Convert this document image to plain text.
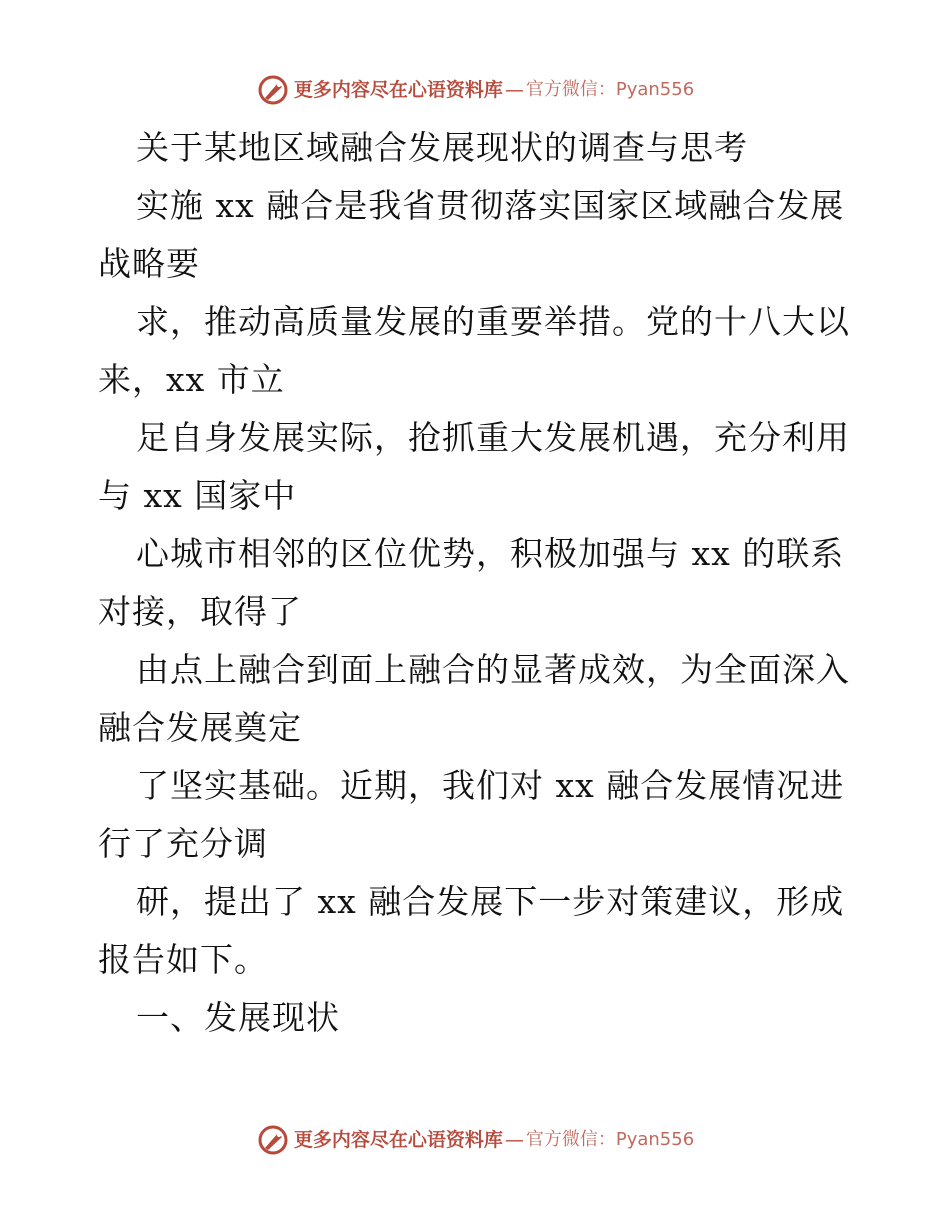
更多内容尽在心语资料库 — 官方微信：Pyan556
关于某地区域融合发展现状的调查与思考
实施 xx 融合是我省贯彻落实国家区域融合发展
战略要
求，推动高质量发展的重要举措。党的十八大以
来，xx 市立
足自身发展实际，抢抓重大发展机遇，充分利用
与 xx 国家中
心城市相邻的区位优势，积极加强与 xx 的联系
对接，取得了
由点上融合到面上融合的显著成效，为全面深入
融合发展奠定
了坚实基础。近期，我们对 xx 融合发展情况进
行了充分调
研，提出了 xx 融合发展下一步对策建议，形成
报告如下。
一、发展现状
更多内容尽在心语资料库 — 官方微信：Pyan556
